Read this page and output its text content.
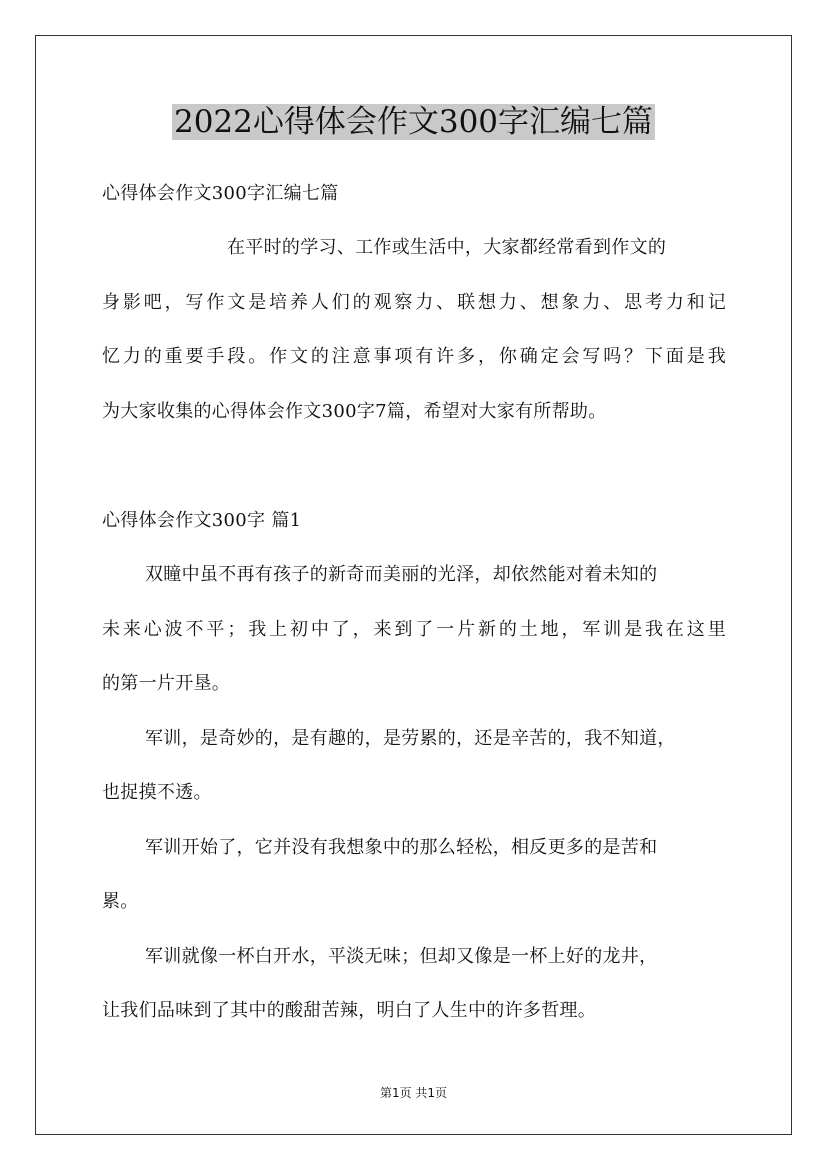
2022心得体会作文300字汇编七篇
心得体会作文300字汇编七篇
在平时的学习、工作或生活中，大家都经常看到作文的
身影吧，写作文是培养人们的观察力、联想力、想象力、思考力和记
忆力的重要手段。作文的注意事项有许多，你确定会写吗？下面是我
为大家收集的心得体会作文300字7篇，希望对大家有所帮助。
心得体会作文300字 篇1
双瞳中虽不再有孩子的新奇而美丽的光泽，却依然能对着未知的
未来心波不平；我上初中了，来到了一片新的土地，军训是我在这里
的第一片开垦。
军训，是奇妙的，是有趣的，是劳累的，还是辛苦的，我不知道，
也捉摸不透。
军训开始了，它并没有我想象中的那么轻松，相反更多的是苦和
累。
军训就像一杯白开水，平淡无味；但却又像是一杯上好的龙井，
让我们品味到了其中的酸甜苦辣，明白了人生中的许多哲理。
第1页 共1页
